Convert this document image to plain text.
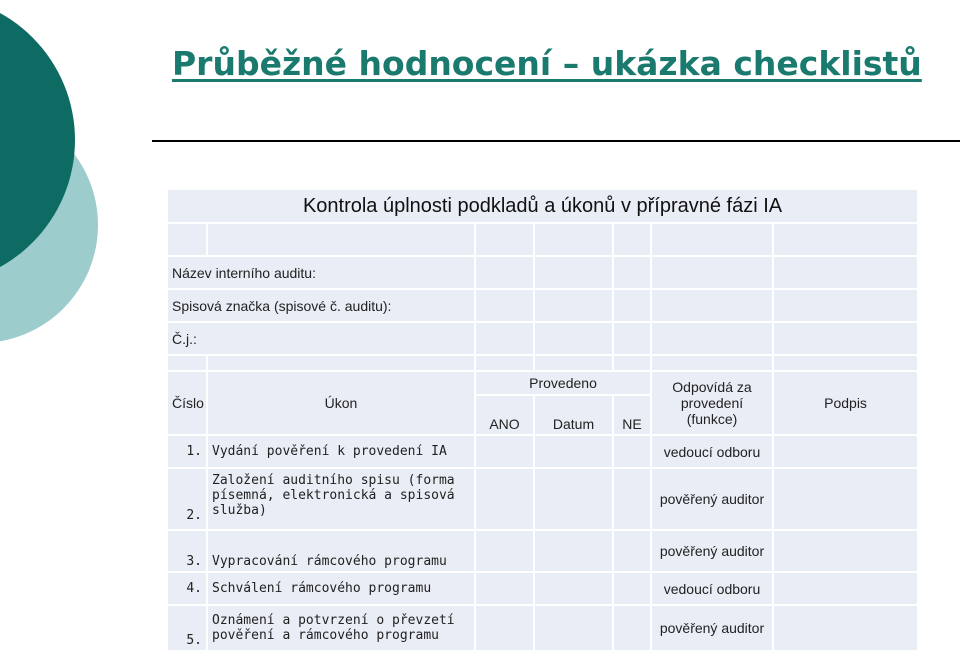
Průběžné hodnocení – ukázka checklistů
Kontrola úplnosti podkladů a úkonů v přípravné fázi IA						

Název interního auditu:						
Spisová značka (spisové č. auditu):						
Č.j.:						

Číslo	Úkon	Provedeno			Odpovídá za provedení (funkce)	Podpis
		ANO	Datum	NE		
1.	Vydání pověření k provedení IA				vedoucí odboru	
2.	Založení auditního spisu (forma písemná, elektronická a spisová služba)				pověřený auditor	
3.	Vypracování rámcového programu				pověřený auditor	
4.	Schválení rámcového programu				vedoucí odboru	
5.	Oznámení a potvrzení o převzetí pověření a rámcového programu				pověřený auditor	
